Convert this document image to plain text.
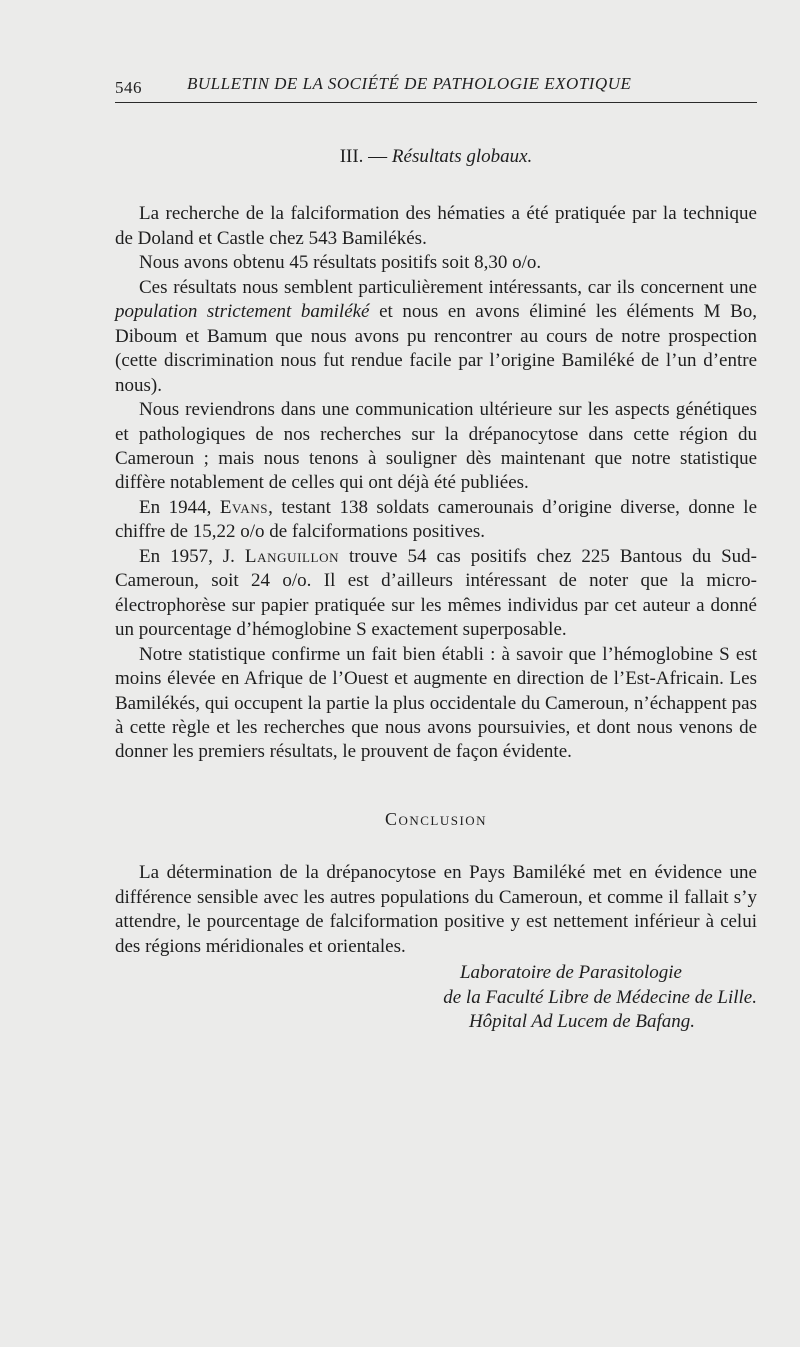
546	BULLETIN DE LA SOCIÉTÉ DE PATHOLOGIE EXOTIQUE
III. — Résultats globaux.

La recherche de la falciformation des hématies a été pratiquée par la technique de Doland et Castle chez 543 Bamilékés.

Nous avons obtenu 45 résultats positifs soit 8,30 o/o.

Ces résultats nous semblent particulièrement intéressants, car ils concernent une population strictement bamiléké et nous en avons éliminé les éléments M Bo, Diboum et Bamum que nous avons pu rencontrer au cours de notre prospection (cette discrimination nous fut rendue facile par l’origine Bamiléké de l’un d’entre nous).

Nous reviendrons dans une communication ultérieure sur les aspects génétiques et pathologiques de nos recherches sur la drépanocytose dans cette région du Cameroun ; mais nous tenons à souligner dès maintenant que notre statistique diffère notablement de celles qui ont déjà été publiées.

En 1944, Evans, testant 138 soldats camerounais d’origine diverse, donne le chiffre de 15,22 o/o de falciformations positives.

En 1957, J. Languillon trouve 54 cas positifs chez 225 Bantous du Sud-Cameroun, soit 24 o/o. Il est d’ailleurs intéressant de noter que la micro-électrophorèse sur papier pratiquée sur les mêmes individus par cet auteur a donné un pourcentage d’hémoglobine S exactement superposable.

Notre statistique confirme un fait bien établi : à savoir que l’hémoglobine S est moins élevée en Afrique de l’Ouest et augmente en direction de l’Est-Africain. Les Bamilékés, qui occupent la partie la plus occidentale du Cameroun, n’échappent pas à cette règle et les recherches que nous avons poursuivies, et dont nous venons de donner les premiers résultats, le prouvent de façon évidente.

Conclusion

La détermination de la drépanocytose en Pays Bamiléké met en évidence une différence sensible avec les autres populations du Cameroun, et comme il fallait s’y attendre, le pourcentage de falciformation positive y est nettement inférieur à celui des régions méridionales et orientales.

Laboratoire de Parasitologie
de la Faculté Libre de Médecine de Lille.
Hôpital Ad Lucem de Bafang.
